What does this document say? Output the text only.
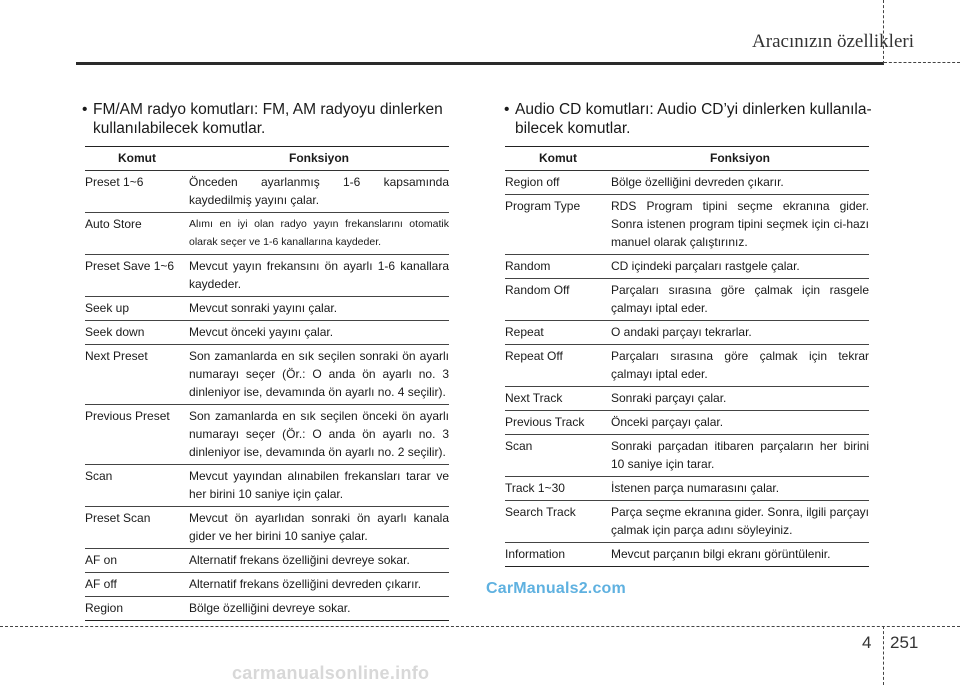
Aracınızın özellikleri

• FM/AM radyo komutları: FM, AM radyoyu dinlerken
kullanılabilecek komutlar.

Komut	Fonksiyon
Preset 1~6	Önceden ayarlanmış 1-6 kapsamında kaydedilmiş yayını çalar.
Auto Store	Alımı en iyi olan radyo yayın frekanslarını otomatik olarak seçer ve 1-6 kanallarına kaydeder.
Preset Save 1~6	Mevcut yayın frekansını ön ayarlı 1-6 kanallara kaydeder.
Seek up	Mevcut sonraki yayını çalar.
Seek down	Mevcut önceki yayını çalar.
Next Preset	Son zamanlarda en sık seçilen sonraki ön ayarlı numarayı seçer (Ör.: O anda ön ayarlı no. 3 dinleniyor ise, devamında ön ayarlı no. 4 seçilir).
Previous Preset	Son zamanlarda en sık seçilen önceki ön ayarlı numarayı seçer (Ör.: O anda ön ayarlı no. 3 dinleniyor ise, devamında ön ayarlı no. 2 seçilir).
Scan	Mevcut yayından alınabilen frekansları tarar ve her birini 10 saniye için çalar.
Preset Scan	Mevcut ön ayarlıdan sonraki ön ayarlı kanala gider ve her birini 10 saniye çalar.
AF on	Alternatif frekans özelliğini devreye sokar.
AF off	Alternatif frekans özelliğini devreden çıkarır.
Region	Bölge özelliğini devreye sokar.

• Audio CD komutları: Audio CD’yi dinlerken kullanıla-
bilecek komutlar.

Komut	Fonksiyon
Region off	Bölge özelliğini devreden çıkarır.
Program Type	RDS Program tipini seçme ekranına gider. Sonra istenen program tipini seçmek için ci-hazı manuel olarak çalıştırınız.
Random	CD içindeki parçaları rastgele çalar.
Random Off	Parçaları sırasına göre çalmak için rasgele çalmayı iptal eder.
Repeat	O andaki parçayı tekrarlar.
Repeat Off	Parçaları sırasına göre çalmak için tekrar çalmayı iptal eder.
Next Track	Sonraki parçayı çalar.
Previous Track	Önceki parçayı çalar.
Scan	Sonraki parçadan itibaren parçaların her birini 10 saniye için tarar.
Track 1~30	İstenen parça numarasını çalar.
Search Track	Parça seçme ekranına gider. Sonra, ilgili parçayı çalmak için parça adını söyleyiniz.
Information	Mevcut parçanın bilgi ekranı görüntülenir.
CarManuals2.com
4 251
carmanualsonline.info
